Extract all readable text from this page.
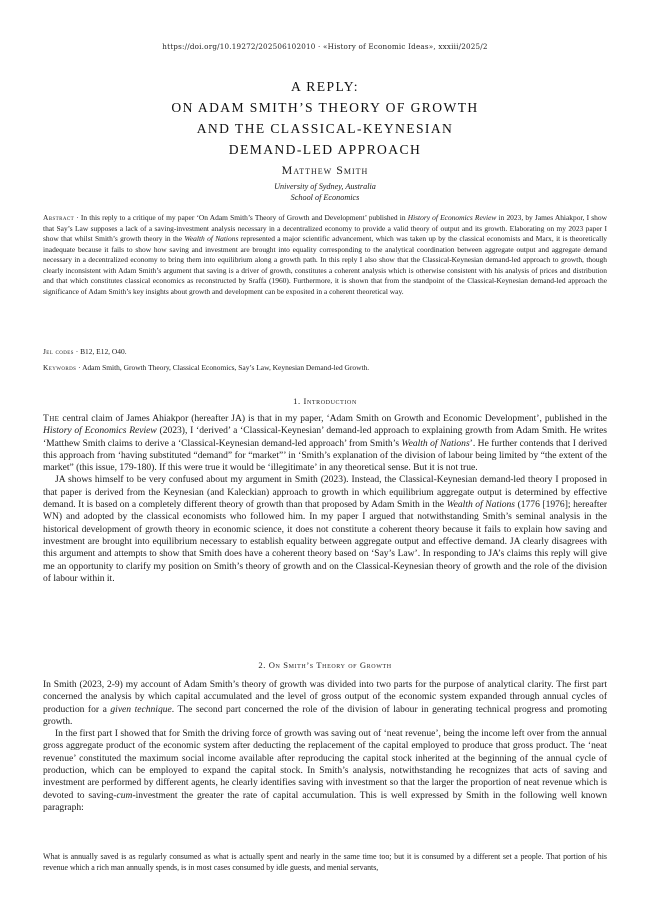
https://doi.org/10.19272/202506102010 · «History of Economic Ideas», xxxiii/2025/2
A REPLY:
ON ADAM SMITH’S THEORY OF GROWTH
AND THE CLASSICAL-KEYNESIAN
DEMAND-LED APPROACH
Matthew Smith
University of Sydney, Australia
School of Economics
Abstract · In this reply to a critique of my paper ‘On Adam Smith’s Theory of Growth and Development’ published in History of Economics Review in 2023, by James Ahiakpor, I show that Say’s Law supposes a lack of a saving-investment analysis necessary in a decentralized economy to provide a valid theory of output and its growth. Elaborating on my 2023 paper I show that whilst Smith’s growth theory in the Wealth of Nations represented a major scientific advancement, which was taken up by the classical economists and Marx, it is theoretically inadequate because it fails to show how saving and investment are brought into equality corresponding to the analytical coordination between aggregate output and aggregate demand necessary in a decentralized economy to bring them into equilibrium along a growth path. In this reply I also show that the Classical-Keynesian demand-led approach to growth, though clearly inconsistent with Adam Smith’s argument that saving is a driver of growth, constitutes a coherent analysis which is otherwise consistent with his analysis of prices and distribution and that which constitutes classical economics as reconstructed by Sraffa (1960). Furthermore, it is shown that from the standpoint of the Classical-Keynesian demand-led approach the significance of Adam Smith’s key insights about growth and development can be exposited in a coherent theoretical way.
Jel codes · B12, E12, O40.
Keywords · Adam Smith, Growth Theory, Classical Economics, Say’s Law, Keynesian Demand-led Growth.
1. Introduction

The central claim of James Ahiakpor (hereafter JA) is that in my paper, ‘Adam Smith on Growth and Economic Development’, published in the History of Economics Review (2023), I ‘derived’ a ‘Classical-Keynesian’ demand-led approach to explaining growth from Adam Smith. He writes ‘Matthew Smith claims to derive a ‘Classical-Keynesian demand-led approach’ from Smith’s Wealth of Nations’. He further contends that I derived this approach from ‘having substituted “demand” for “market”’ in ‘Smith’s explanation of the division of labour being limited by “the extent of the market” (this issue, 179-180). If this were true it would be ‘illegitimate’ in any theoretical sense. But it is not true.

JA shows himself to be very confused about my argument in Smith (2023). Instead, the Classical-Keynesian demand-led theory I proposed in that paper is derived from the Keynesian (and Kaleckian) approach to growth in which equilibrium aggregate output is determined by effective demand. It is based on a completely different theory of growth than that proposed by Adam Smith in the Wealth of Nations (1776 [1976]; hereafter WN) and adopted by the classical economists who followed him. In my paper I argued that notwithstanding Smith’s seminal analysis in the historical development of growth theory in economic science, it does not constitute a coherent theory because it fails to explain how saving and investment are brought into equilibrium necessary to establish equality between aggregate output and effective demand. JA clearly disagrees with this argument and attempts to show that Smith does have a coherent theory based on ‘Say’s Law’. In responding to JA’s claims this reply will give me an opportunity to clarify my position on Smith’s theory of growth and on the Classical-Keynesian theory of growth and the role of the division of labour within it.

2. On Smith’s Theory of Growth

In Smith (2023, 2-9) my account of Adam Smith’s theory of growth was divided into two parts for the purpose of analytical clarity. The first part concerned the analysis by which capital accumulated and the level of gross output of the economic system expanded through annual cycles of production for a given technique. The second part concerned the role of the division of labour in generating technical progress and promoting growth.

In the first part I showed that for Smith the driving force of growth was saving out of ‘neat revenue’, being the income left over from the annual gross aggregate product of the economic system after deducting the replacement of the capital employed to produce that gross product. The ‘neat revenue’ constituted the maximum social income available after reproducing the capital stock inherited at the beginning of the annual cycle of production, which can be employed to expand the capital stock. In Smith’s analysis, notwithstanding he recognizes that acts of saving and investment are performed by different agents, he clearly identifies saving with investment so that the larger the proportion of neat revenue which is devoted to saving-cum-investment the greater the rate of capital accumulation. This is well expressed by Smith in the following well known paragraph:

What is annually saved is as regularly consumed as what is actually spent and nearly in the same time too; but it is consumed by a different set a people. That portion of his revenue which a rich man annually spends, is in most cases consumed by idle guests, and menial servants,
